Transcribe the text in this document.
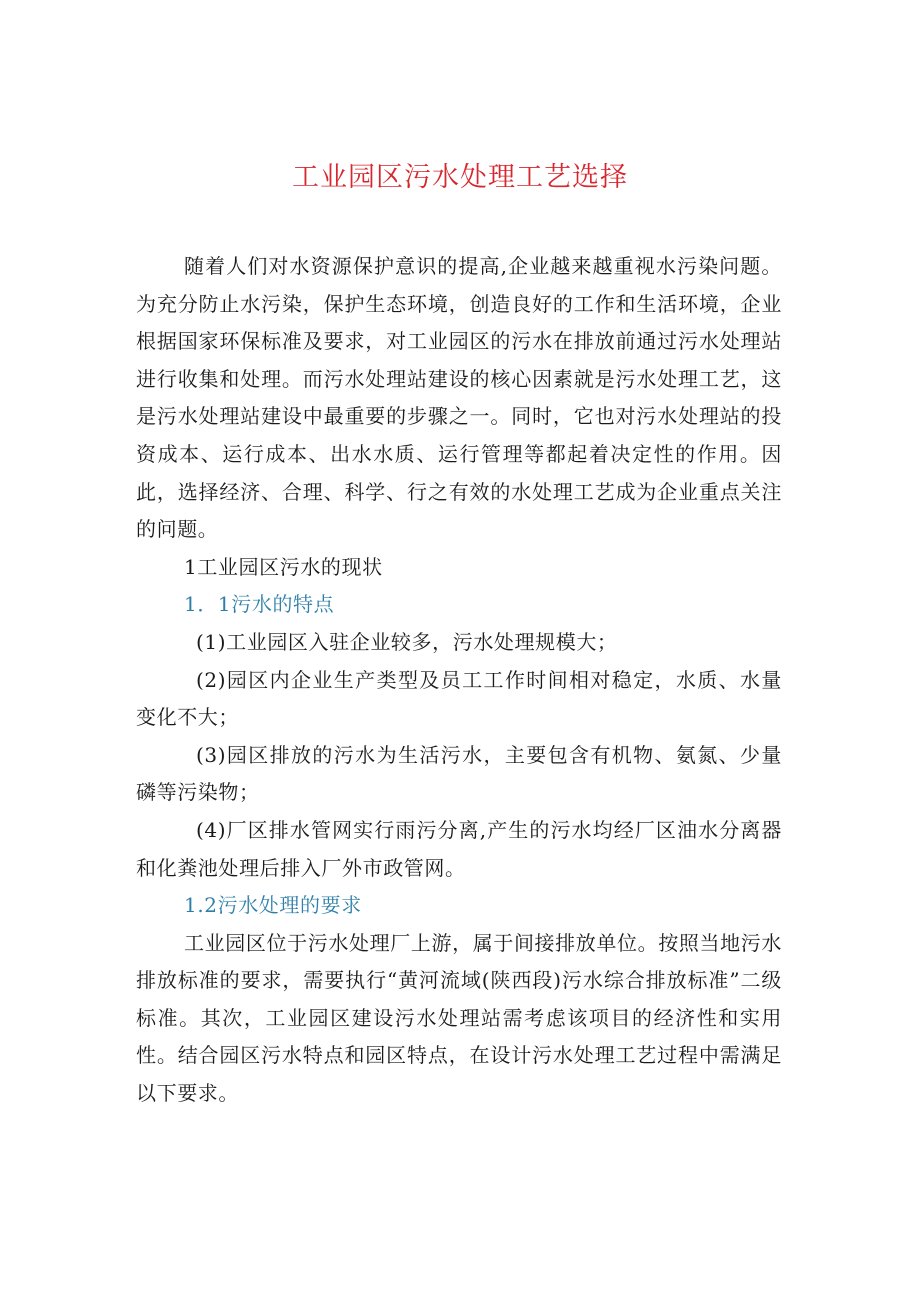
工业园区污水处理工艺选择

随着人们对水资源保护意识的提高,企业越来越重视水污染问题。为充分防止水污染，保护生态环境，创造良好的工作和生活环境，企业根据国家环保标准及要求，对工业园区的污水在排放前通过污水处理站进行收集和处理。而污水处理站建设的核心因素就是污水处理工艺，这是污水处理站建设中最重要的步骤之一。同时，它也对污水处理站的投资成本、运行成本、出水水质、运行管理等都起着决定性的作用。因此，选择经济、合理、科学、行之有效的水处理工艺成为企业重点关注的问题。

1工业园区污水的现状

1．1污水的特点

(1)工业园区入驻企业较多，污水处理规模大；

(2)园区内企业生产类型及员工工作时间相对稳定，水质、水量变化不大；

(3)园区排放的污水为生活污水，主要包含有机物、氨氮、少量磷等污染物；

(4)厂区排水管网实行雨污分离,产生的污水均经厂区油水分离器和化粪池处理后排入厂外市政管网。

1.2污水处理的要求

工业园区位于污水处理厂上游，属于间接排放单位。按照当地污水排放标准的要求，需要执行“黄河流域(陕西段)污水综合排放标准”二级标准。其次，工业园区建设污水处理站需考虑该项目的经济性和实用性。结合园区污水特点和园区特点，在设计污水处理工艺过程中需满足以下要求。
